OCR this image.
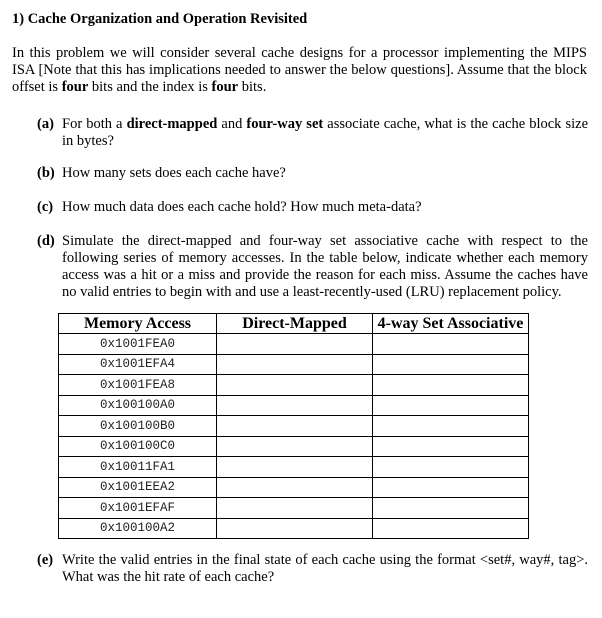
1) Cache Organization and Operation Revisited
In this problem we will consider several cache designs for a processor implementing the MIPS ISA [Note that this has implications needed to answer the below questions]. Assume that the block offset is four bits and the index is four bits.
(a) For both a direct-mapped and four-way set associate cache, what is the cache block size in bytes?
(b) How many sets does each cache have?
(c) How much data does each cache hold? How much meta-data?
(d) Simulate the direct-mapped and four-way set associative cache with respect to the following series of memory accesses. In the table below, indicate whether each memory access was a hit or a miss and provide the reason for each miss. Assume the caches have no valid entries to begin with and use a least-recently-used (LRU) replacement policy.
Memory Access	Direct-Mapped	4-way Set Associative
0x1001FEA0		
0x1001EFA4		
0x1001FEA8		
0x100100A0		
0x100100B0		
0x100100C0		
0x10011FA1		
0x1001EEA2		
0x1001EFAF		
0x100100A2		
(e) Write the valid entries in the final state of each cache using the format <set#, way#, tag>. What was the hit rate of each cache?
